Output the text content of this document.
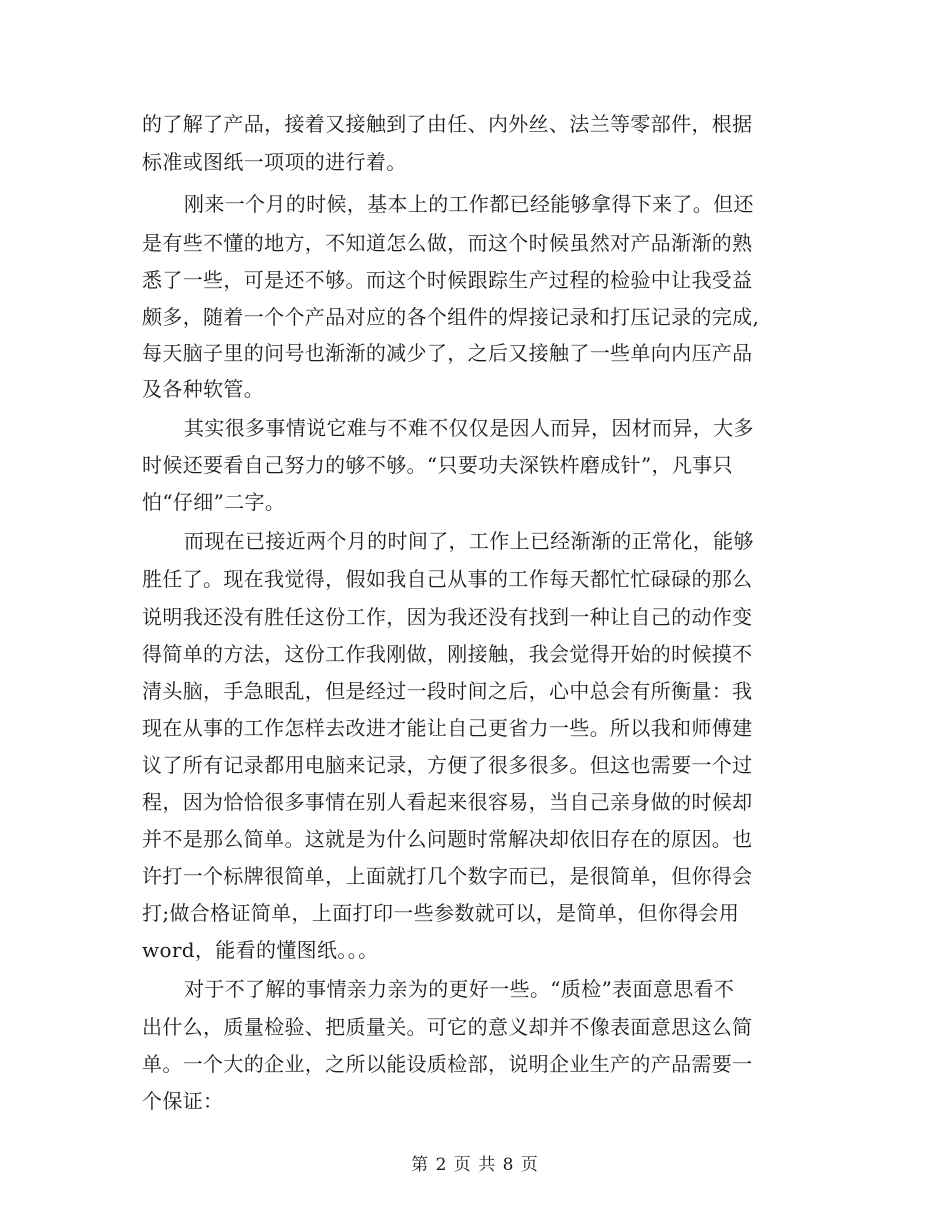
的了解了产品，接着又接触到了由任、内外丝、法兰等零部件，根据
标准或图纸一项项的进行着。
刚来一个月的时候，基本上的工作都已经能够拿得下来了。但还
是有些不懂的地方，不知道怎么做，而这个时候虽然对产品渐渐的熟
悉了一些，可是还不够。而这个时候跟踪生产过程的检验中让我受益
颇多，随着一个个产品对应的各个组件的焊接记录和打压记录的完成,
每天脑子里的问号也渐渐的减少了，之后又接触了一些单向内压产品
及各种软管。
其实很多事情说它难与不难不仅仅是因人而异，因材而异，大多
时候还要看自己努力的够不够。“只要功夫深铁杵磨成针”，凡事只
怕“仔细”二字。
而现在已接近两个月的时间了，工作上已经渐渐的正常化，能够
胜任了。现在我觉得，假如我自己从事的工作每天都忙忙碌碌的那么
说明我还没有胜任这份工作，因为我还没有找到一种让自己的动作变
得简单的方法，这份工作我刚做，刚接触，我会觉得开始的时候摸不
清头脑，手急眼乱，但是经过一段时间之后，心中总会有所衡量：我
现在从事的工作怎样去改进才能让自己更省力一些。所以我和师傅建
议了所有记录都用电脑来记录，方便了很多很多。但这也需要一个过
程，因为恰恰很多事情在别人看起来很容易，当自己亲身做的时候却
并不是那么简单。这就是为什么问题时常解决却依旧存在的原因。也
许打一个标牌很简单，上面就打几个数字而已，是很简单，但你得会
打;做合格证简单，上面打印一些参数就可以，是简单，但你得会用
word，能看的懂图纸。。。
对于不了解的事情亲力亲为的更好一些。“质检”表面意思看不
出什么，质量检验、把质量关。可它的意义却并不像表面意思这么简
单。一个大的企业，之所以能设质检部，说明企业生产的产品需要一
个保证：
第 2 页 共 8 页
